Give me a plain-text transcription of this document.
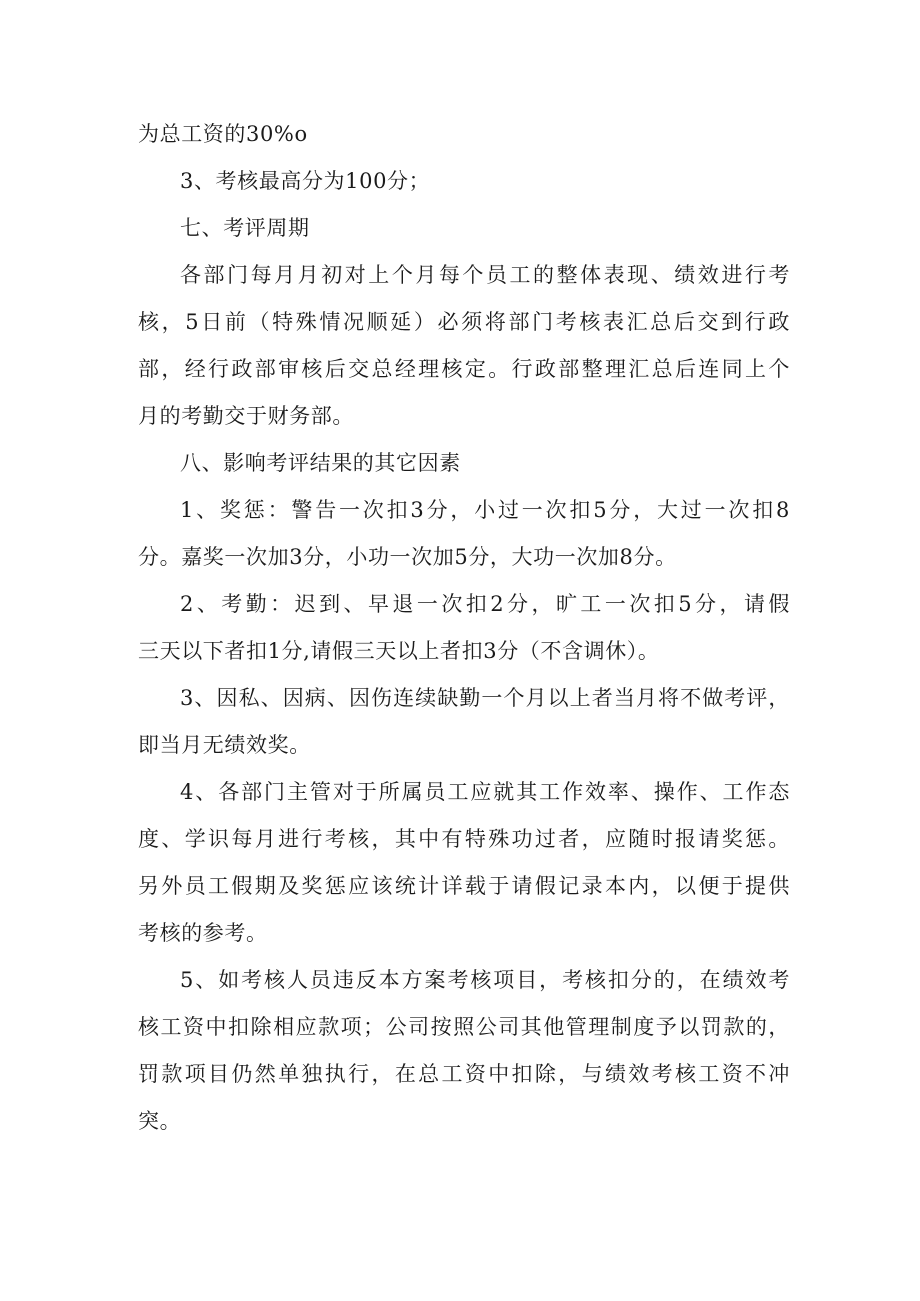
为总工资的30%o
3、考核最高分为100分；
七、考评周期
各部门每月月初对上个月每个员工的整体表现、绩效进行考
核，5日前（特殊情况顺延）必须将部门考核表汇总后交到行政
部，经行政部审核后交总经理核定。行政部整理汇总后连同上个
月的考勤交于财务部。
八、影响考评结果的其它因素
1、奖惩：警告一次扣3分，小过一次扣5分，大过一次扣8
分。嘉奖一次加3分，小功一次加5分，大功一次加8分。
2、考勤：迟到、早退一次扣2分，旷工一次扣5分，请假
三天以下者扣1分,请假三天以上者扣3分（不含调休）。
3、因私、因病、因伤连续缺勤一个月以上者当月将不做考评，
即当月无绩效奖。
4、各部门主管对于所属员工应就其工作效率、操作、工作态
度、学识每月进行考核，其中有特殊功过者，应随时报请奖惩。
另外员工假期及奖惩应该统计详载于请假记录本内，以便于提供
考核的参考。
5、如考核人员违反本方案考核项目，考核扣分的，在绩效考
核工资中扣除相应款项；公司按照公司其他管理制度予以罚款的，
罚款项目仍然单独执行，在总工资中扣除，与绩效考核工资不冲
突。
